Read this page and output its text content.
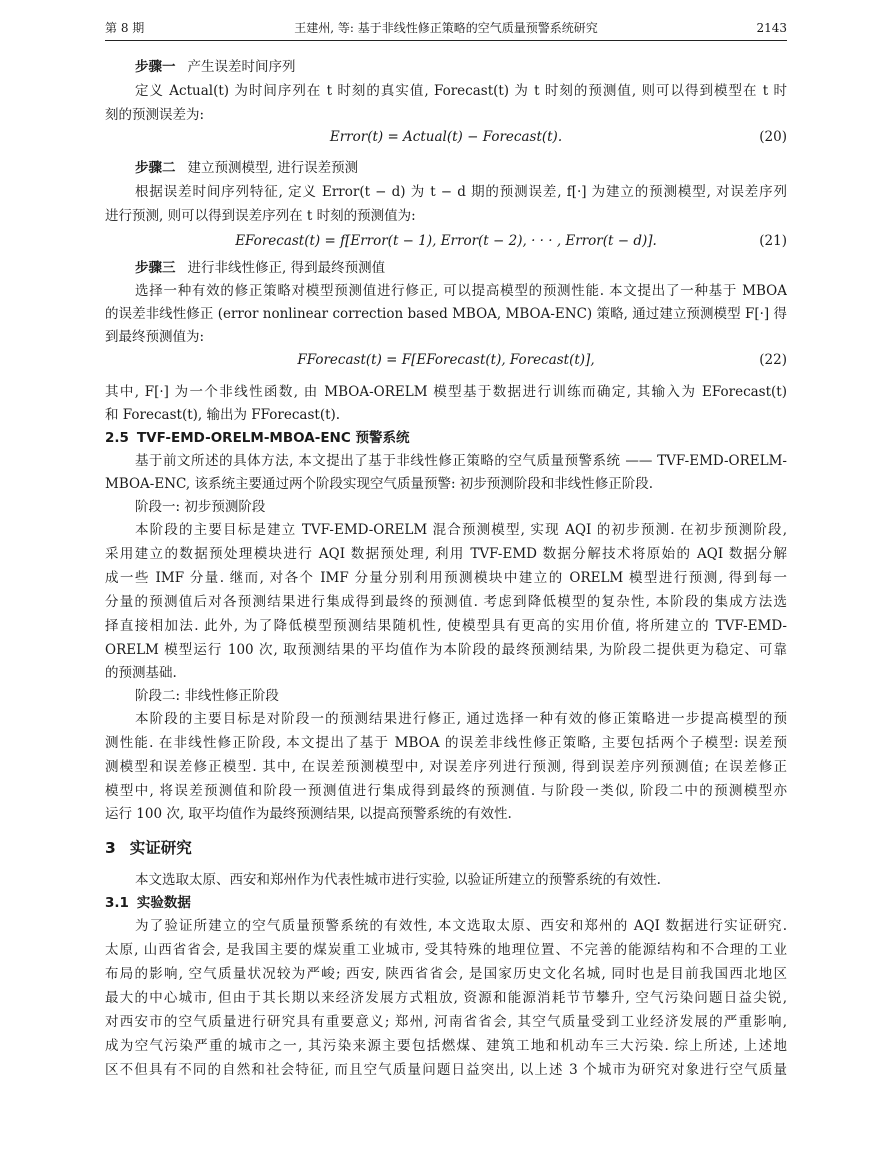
第 8 期	王建州, 等: 基于非线性修正策略的空气质量预警系统研究	2143
步骤一 产生误差时间序列
定义 Actual(t) 为时间序列在 t 时刻的真实值, Forecast(t) 为 t 时刻的预测值, 则可以得到模型在 t 时
刻的预测误差为:
Error(t) = Actual(t) − Forecast(t).	(20)
步骤二 建立预测模型, 进行误差预测
根据误差时间序列特征, 定义 Error(t − d) 为 t − d 期的预测误差, f[·] 为建立的预测模型, 对误差序列
进行预测, 则可以得到误差序列在 t 时刻的预测值为:
EForecast(t) = f[Error(t − 1), Error(t − 2), · · · , Error(t − d)].	(21)
步骤三 进行非线性修正, 得到最终预测值
选择一种有效的修正策略对模型预测值进行修正, 可以提高模型的预测性能. 本文提出了一种基于 MBOA
的误差非线性修正 (error nonlinear correction based MBOA, MBOA-ENC) 策略, 通过建立预测模型 F[·] 得
到最终预测值为:
FForecast(t) = F[EForecast(t), Forecast(t)],	(22)
其中, F[·] 为一个非线性函数, 由 MBOA-ORELM 模型基于数据进行训练而确定, 其输入为 EForecast(t)
和 Forecast(t), 输出为 FForecast(t).
2.5 TVF-EMD-ORELM-MBOA-ENC 预警系统
基于前文所述的具体方法, 本文提出了基于非线性修正策略的空气质量预警系统 —— TVF-EMD-ORELM-
MBOA-ENC, 该系统主要通过两个阶段实现空气质量预警: 初步预测阶段和非线性修正阶段.
阶段一: 初步预测阶段
本阶段的主要目标是建立 TVF-EMD-ORELM 混合预测模型, 实现 AQI 的初步预测. 在初步预测阶段,
采用建立的数据预处理模块进行 AQI 数据预处理, 利用 TVF-EMD 数据分解技术将原始的 AQI 数据分解
成一些 IMF 分量. 继而, 对各个 IMF 分量分别利用预测模块中建立的 ORELM 模型进行预测, 得到每一
分量的预测值后对各预测结果进行集成得到最终的预测值. 考虑到降低模型的复杂性, 本阶段的集成方法选
择直接相加法. 此外, 为了降低模型预测结果随机性, 使模型具有更高的实用价值, 将所建立的 TVF-EMD-
ORELM 模型运行 100 次, 取预测结果的平均值作为本阶段的最终预测结果, 为阶段二提供更为稳定、可靠
的预测基础.
阶段二: 非线性修正阶段
本阶段的主要目标是对阶段一的预测结果进行修正, 通过选择一种有效的修正策略进一步提高模型的预
测性能. 在非线性修正阶段, 本文提出了基于 MBOA 的误差非线性修正策略, 主要包括两个子模型: 误差预
测模型和误差修正模型. 其中, 在误差预测模型中, 对误差序列进行预测, 得到误差序列预测值; 在误差修正
模型中, 将误差预测值和阶段一预测值进行集成得到最终的预测值. 与阶段一类似, 阶段二中的预测模型亦
运行 100 次, 取平均值作为最终预测结果, 以提高预警系统的有效性.
3 实证研究
本文选取太原、西安和郑州作为代表性城市进行实验, 以验证所建立的预警系统的有效性.
3.1 实验数据
为了验证所建立的空气质量预警系统的有效性, 本文选取太原、西安和郑州的 AQI 数据进行实证研究.
太原, 山西省省会, 是我国主要的煤炭重工业城市, 受其特殊的地理位置、不完善的能源结构和不合理的工业
布局的影响, 空气质量状况较为严峻; 西安, 陕西省省会, 是国家历史文化名城, 同时也是目前我国西北地区
最大的中心城市, 但由于其长期以来经济发展方式粗放, 资源和能源消耗节节攀升, 空气污染问题日益尖锐,
对西安市的空气质量进行研究具有重要意义; 郑州, 河南省省会, 其空气质量受到工业经济发展的严重影响,
成为空气污染严重的城市之一, 其污染来源主要包括燃煤、建筑工地和机动车三大污染. 综上所述, 上述地
区不但具有不同的自然和社会特征, 而且空气质量问题日益突出, 以上述 3 个城市为研究对象进行空气质量
